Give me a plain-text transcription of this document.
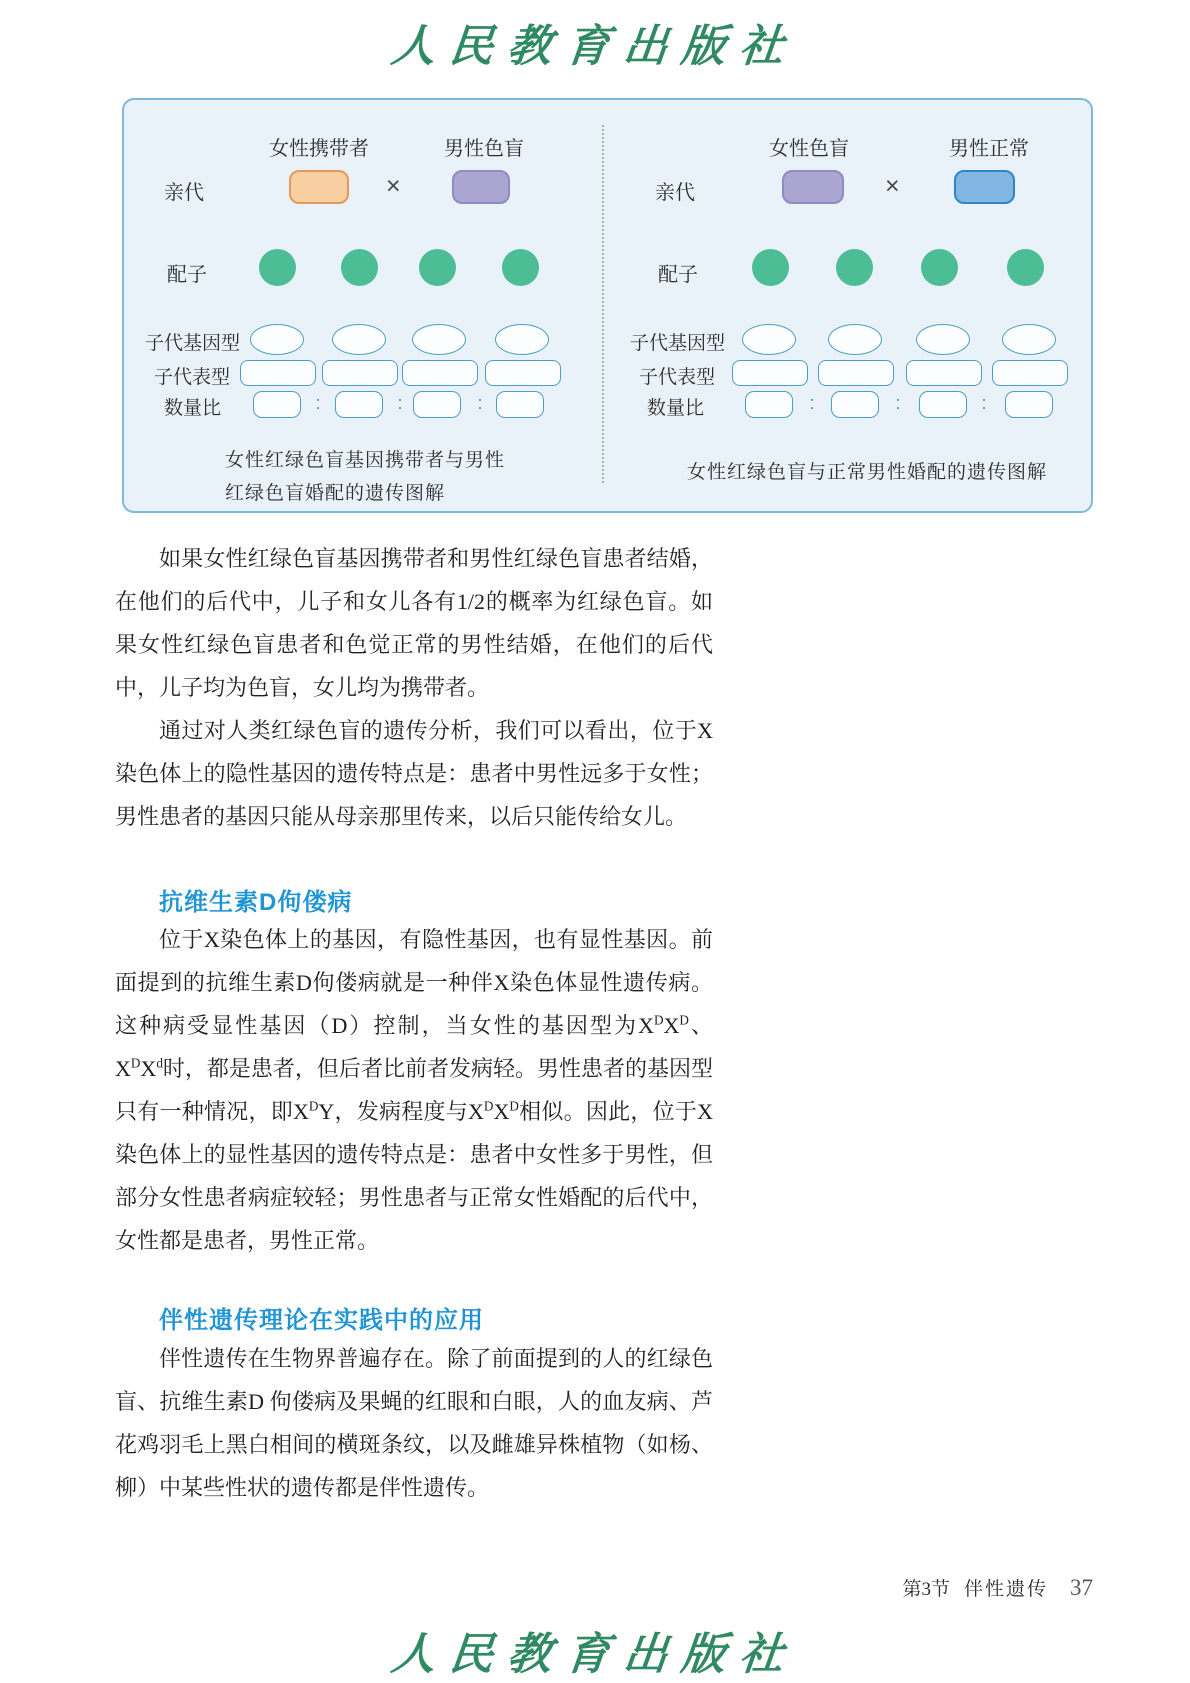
人民教育出版社
女性携带者	男性色盲
亲代	×
配子
子代基因型
子代表型
数量比	:	:	:
女性红绿色盲基因携带者与男性
红绿色盲婚配的遗传图解
女性色盲	男性正常
亲代	×
配子
子代基因型
子代表型
数量比	:	:	:
女性红绿色盲与正常男性婚配的遗传图解

如果女性红绿色盲基因携带者和男性红绿色盲患者结婚，在他们的后代中，儿子和女儿各有1/2的概率为红绿色盲。如果女性红绿色盲患者和色觉正常的男性结婚，在他们的后代中，儿子均为色盲，女儿均为携带者。

通过对人类红绿色盲的遗传分析，我们可以看出，位于X染色体上的隐性基因的遗传特点是：患者中男性远多于女性；男性患者的基因只能从母亲那里传来，以后只能传给女儿。

抗维生素D佝偻病

位于X染色体上的基因，有隐性基因，也有显性基因。前面提到的抗维生素D佝偻病就是一种伴X染色体显性遗传病。这种病受显性基因（D）控制，当女性的基因型为$X^DX^D$、$X^DX^d$时，都是患者，但后者比前者发病轻。男性患者的基因型只有一种情况，即$X^DY$，发病程度与$X^DX^D$相似。因此，位于X染色体上的显性基因的遗传特点是：患者中女性多于男性，但部分女性患者病症较轻；男性患者与正常女性婚配的后代中，女性都是患者，男性正常。

伴性遗传理论在实践中的应用

伴性遗传在生物界普遍存在。除了前面提到的人的红绿色盲、抗维生素D 佝偻病及果蝇的红眼和白眼，人的血友病、芦花鸡羽毛上黑白相间的横斑条纹，以及雌雄异株植物（如杨、柳）中某些性状的遗传都是伴性遗传。

第3节 伴性遗传 37
人民教育出版社
